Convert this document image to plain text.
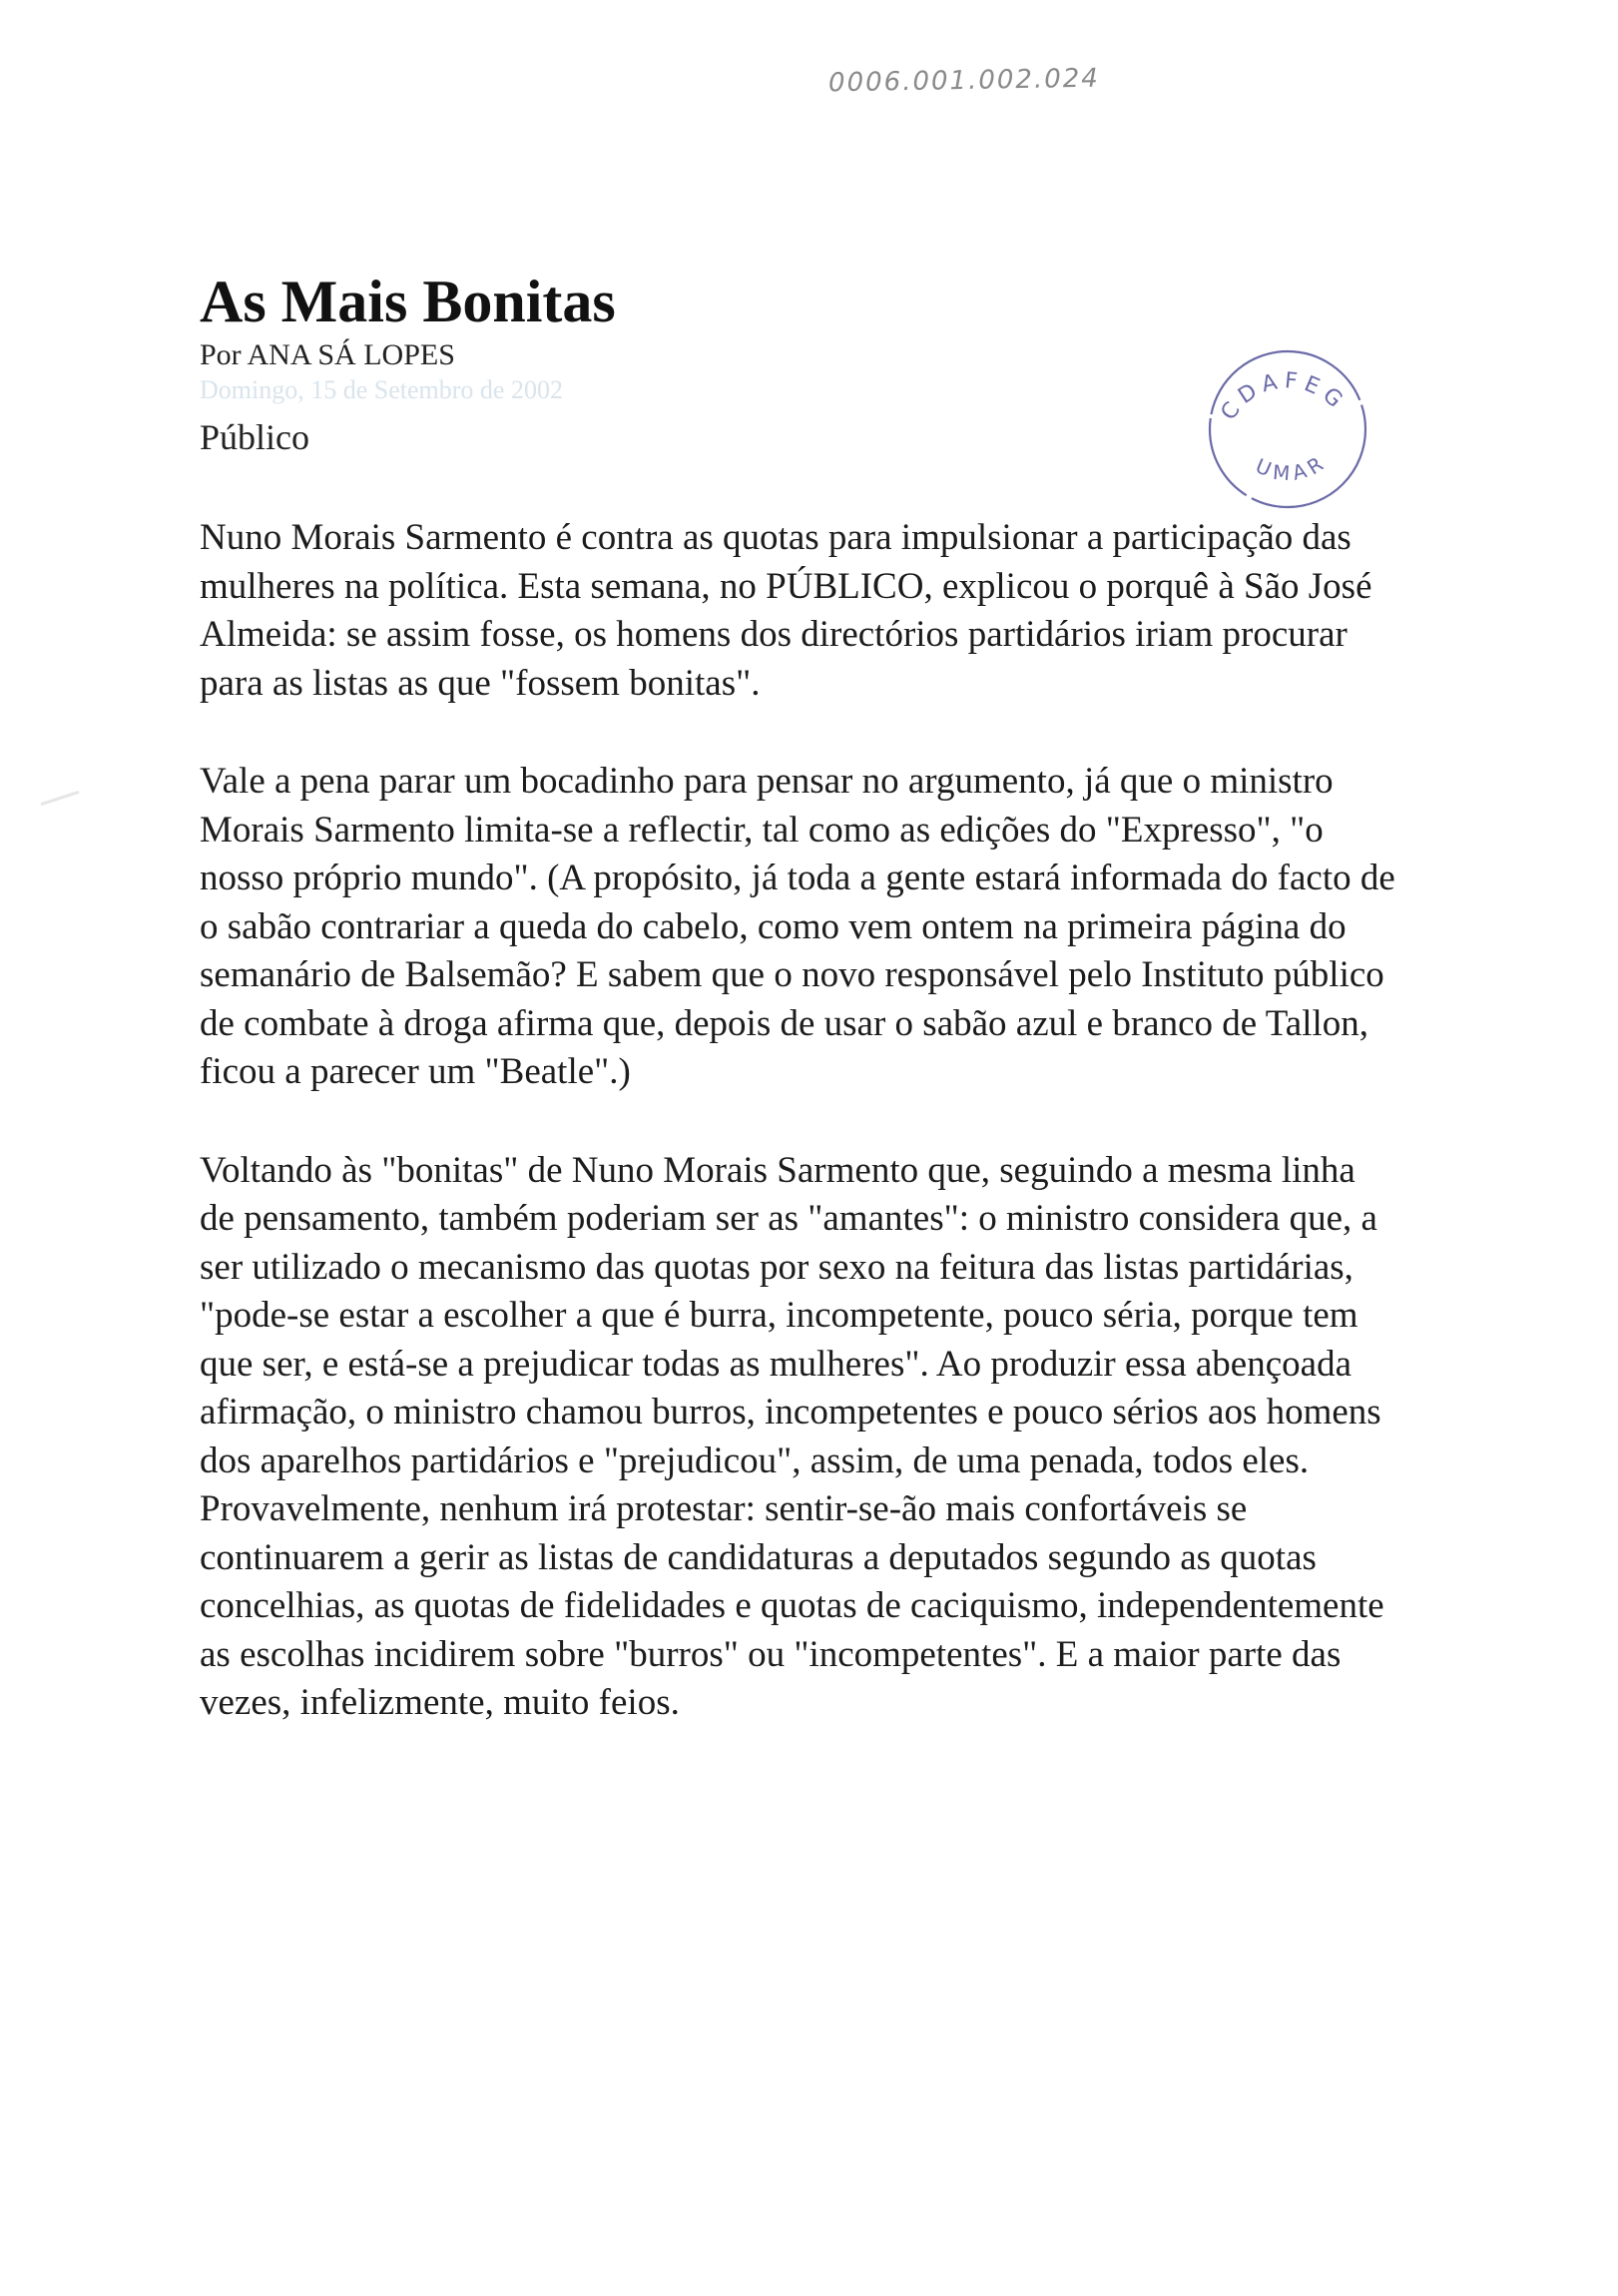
0006.001.002.024
As Mais Bonitas
Por ANA SÁ LOPES
Domingo, 15 de Setembro de 2002
Público
CDAFEG
UMAR

Nuno Morais Sarmento é contra as quotas para impulsionar a participação das mulheres na política. Esta semana, no PÚBLICO, explicou o porquê à São José Almeida: se assim fosse, os homens dos directórios partidários iriam procurar para as listas as que "fossem bonitas".

Vale a pena parar um bocadinho para pensar no argumento, já que o ministro Morais Sarmento limita-se a reflectir, tal como as edições do "Expresso", "o nosso próprio mundo". (A propósito, já toda a gente estará informada do facto de o sabão contrariar a queda do cabelo, como vem ontem na primeira página do semanário de Balsemão? E sabem que o novo responsável pelo Instituto público de combate à droga afirma que, depois de usar o sabão azul e branco de Tallon, ficou a parecer um "Beatle".)

Voltando às "bonitas" de Nuno Morais Sarmento que, seguindo a mesma linha de pensamento, também poderiam ser as "amantes": o ministro considera que, a ser utilizado o mecanismo das quotas por sexo na feitura das listas partidárias, "pode-se estar a escolher a que é burra, incompetente, pouco séria, porque tem que ser, e está-se a prejudicar todas as mulheres". Ao produzir essa abençoada afirmação, o ministro chamou burros, incompetentes e pouco sérios aos homens dos aparelhos partidários e "prejudicou", assim, de uma penada, todos eles. Provavelmente, nenhum irá protestar: sentir-se-ão mais confortáveis se continuarem a gerir as listas de candidaturas a deputados segundo as quotas concelhias, as quotas de fidelidades e quotas de caciquismo, independentemente as escolhas incidirem sobre "burros" ou "incompetentes". E a maior parte das vezes, infelizmente, muito feios.
